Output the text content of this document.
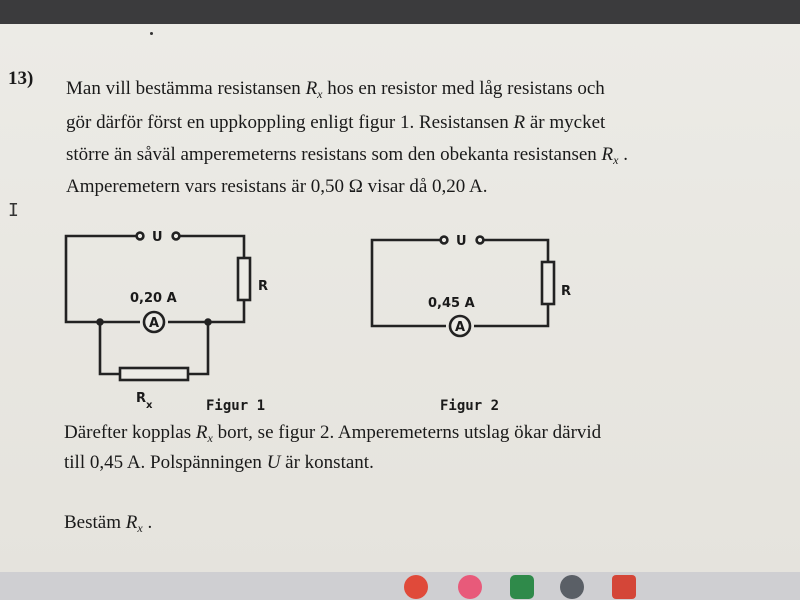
I
13) Man vill bestämma resistansen $R_x$ hos en resistor med låg resistans och
gör därför först en uppkoppling enligt figur 1. Resistansen R är mycket
större än såväl amperemeterns resistans som den obekanta resistansen $R_x$ .
Amperemetern vars resistans är 0,50 Ω visar då 0,20 A.
U
R
0,20 A
A
R x	Figur 1
U
R
0,45 A
A
Figur 2
Därefter kopplas $R_x$ bort, se figur 2. Amperemeterns utslag ökar därvid
till 0,45 A. Polspänningen U är konstant.
Bestäm $R_x$ .
